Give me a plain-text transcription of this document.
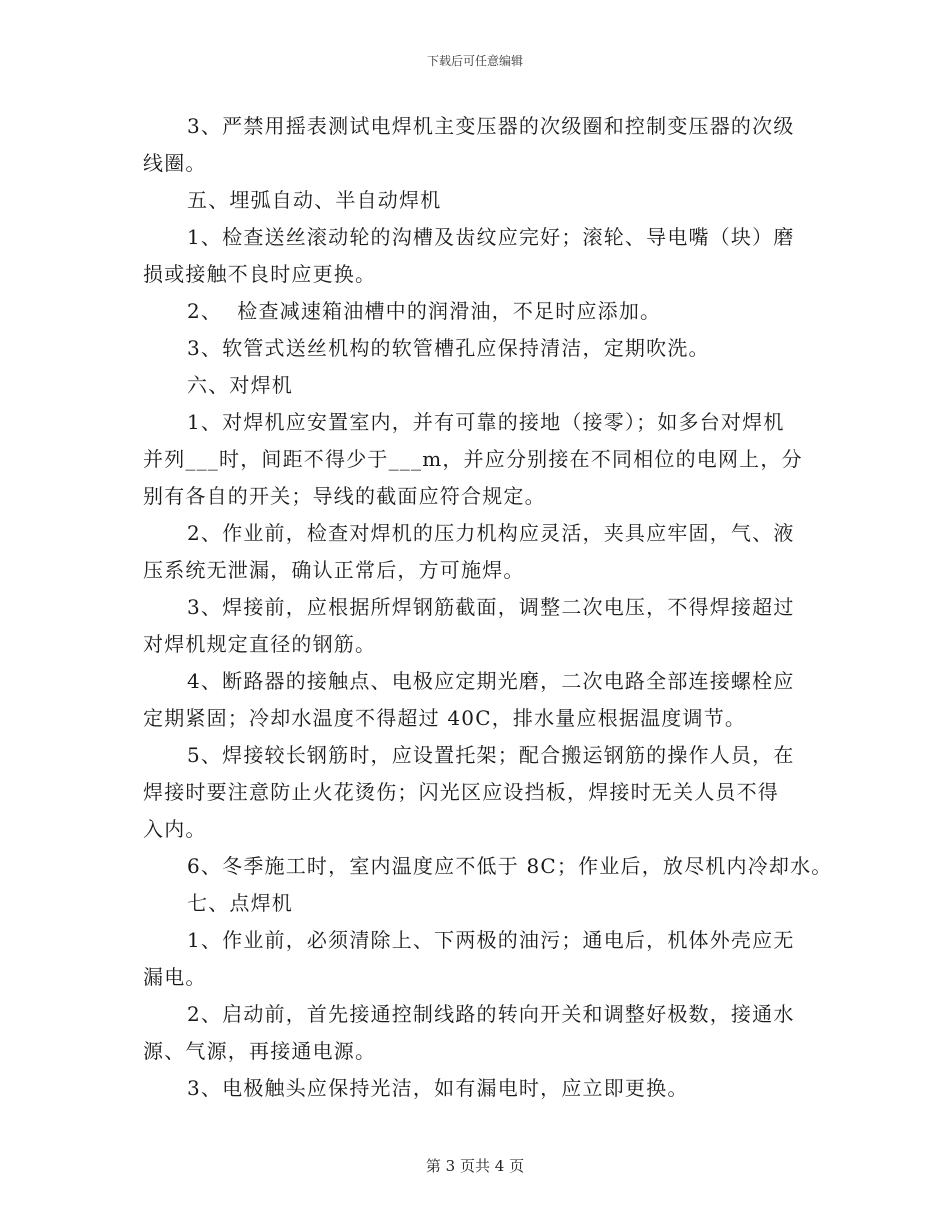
下载后可任意编辑
3、严禁用摇表测试电焊机主变压器的次级圈和控制变压器的次级
线圈。
五、埋弧自动、半自动焊机
1、检查送丝滚动轮的沟槽及齿纹应完好；滚轮、导电嘴（块）磨
损或接触不良时应更换。
2、  检查减速箱油槽中的润滑油，不足时应添加。
3、软管式送丝机构的软管槽孔应保持清洁，定期吹洗。
六、对焊机
1、对焊机应安置室内，并有可靠的接地（接零）；如多台对焊机
并列___时，间距不得少于___m，并应分别接在不同相位的电网上，分
别有各自的开关；导线的截面应符合规定。
2、作业前，检查对焊机的压力机构应灵活，夹具应牢固，气、液
压系统无泄漏，确认正常后，方可施焊。
3、焊接前，应根据所焊钢筋截面，调整二次电压，不得焊接超过
对焊机规定直径的钢筋。
4、断路器的接触点、电极应定期光磨，二次电路全部连接螺栓应
定期紧固；冷却水温度不得超过 40C，排水量应根据温度调节。
5、焊接较长钢筋时，应设置托架；配合搬运钢筋的操作人员，在
焊接时要注意防止火花烫伤；闪光区应设挡板，焊接时无关人员不得
入内。
6、冬季施工时，室内温度应不低于 8C；作业后，放尽机内冷却水。
七、点焊机
1、作业前，必须清除上、下两极的油污；通电后，机体外壳应无
漏电。
2、启动前，首先接通控制线路的转向开关和调整好极数，接通水
源、气源，再接通电源。
3、电极触头应保持光洁，如有漏电时，应立即更换。
第 3 页共 4 页
